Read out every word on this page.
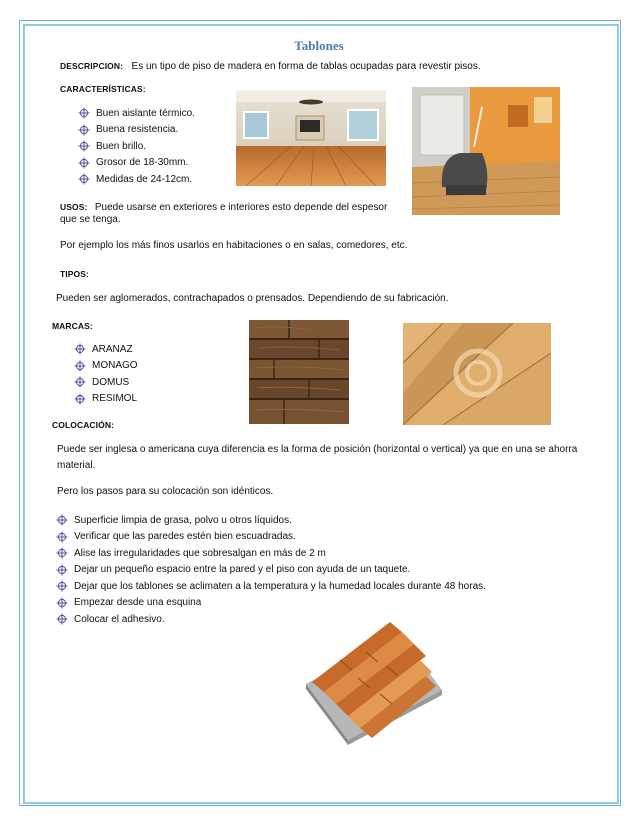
Tablones
DESCRIPCION: Es un tipo de piso de madera en forma de tablas ocupadas para revestir pisos.
CARACTERÍSTICAS:
Buen aislante térmico.
Buena resistencia.
Buen brillo.
Grosor de 18-30mm.
Medidas de 24-12cm.
USOS: Puede usarse en exteriores e interiores esto depende del espesor
que se tenga.
Por ejemplo los más finos usarlos en habitaciones o en salas, comedores, etc.
TIPOS:
Pueden ser aglomerados, contrachapados o prensados. Dependiendo de su fabricación.
MARCAS:
ARANAZ
MONAGO
DOMUS
RESIMOL
COLOCACIÓN:
Puede ser inglesa o americana cuya diferencia es la forma de posición (horizontal o vertical) ya que en una se ahorra
material.
Pero los pasos para su colocación son idénticos.
Superficie limpia de grasa, polvo u otros líquidos.
Verificar que las paredes estén bien escuadradas.
Alise las irregularidades que sobresalgan en más de 2 m
Dejar un pequeño espacio entre la pared y el piso con ayuda de un taquete.
Dejar que los tablones se aclimaten a la temperatura y la humedad locales durante 48 horas.
Empezar desde una esquina
Colocar el adhesivo.
